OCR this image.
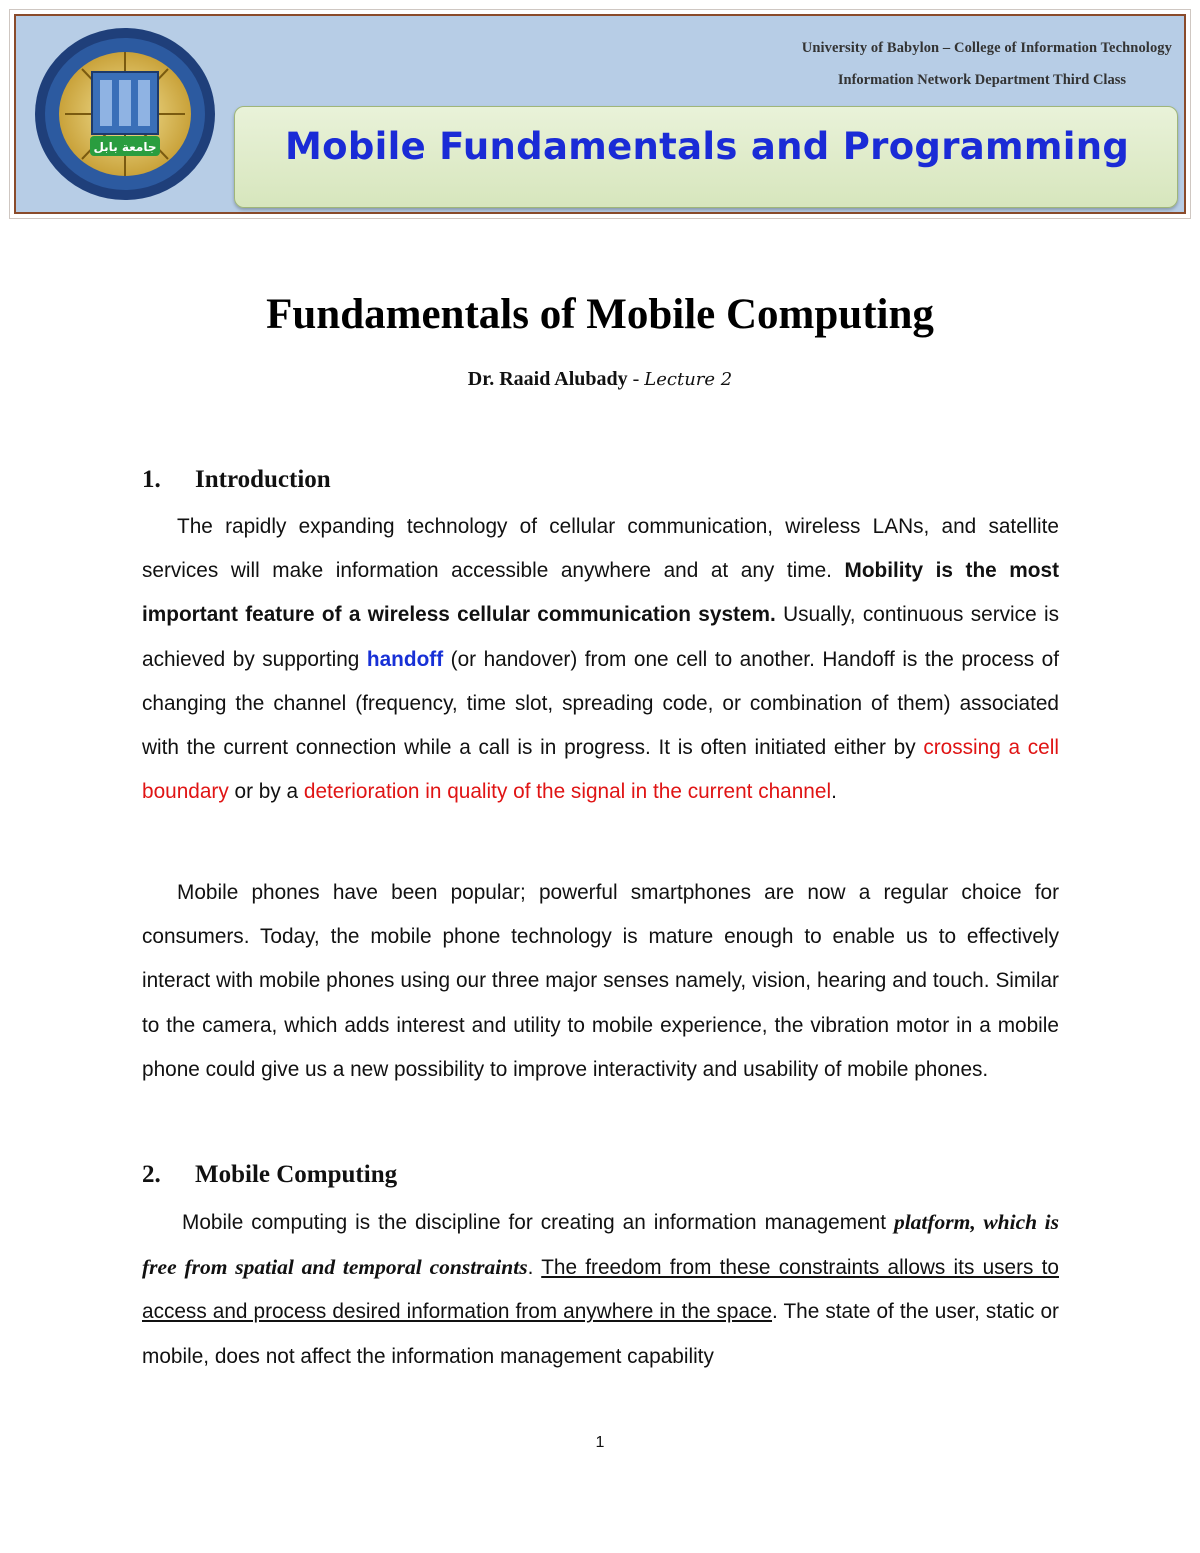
جامعة بابل
University of Babylon – College of Information Technology
Information Network Department Third Class
Mobile Fundamentals and Programming
Fundamentals of Mobile Computing
Dr. Raaid Alubady - Lecture 2
1. Introduction

The rapidly expanding technology of cellular communication, wireless LANs, and satellite services will make information accessible anywhere and at any time. Mobility is the most important feature of a wireless cellular communication system. Usually, continuous service is achieved by supporting handoff (or handover) from one cell to another. Handoff is the process of changing the channel (frequency, time slot, spreading code, or combination of them) associated with the current connection while a call is in progress. It is often initiated either by crossing a cell boundary or by a deterioration in quality of the signal in the current channel.

Mobile phones have been popular; powerful smartphones are now a regular choice for consumers. Today, the mobile phone technology is mature enough to enable us to effectively interact with mobile phones using our three major senses namely, vision, hearing and touch. Similar to the camera, which adds interest and utility to mobile experience, the vibration motor in a mobile phone could give us a new possibility to improve interactivity and usability of mobile phones.

2. Mobile Computing

Mobile computing is the discipline for creating an information management platform, which is free from spatial and temporal constraints. The freedom from these constraints allows its users to access and process desired information from anywhere in the space. The state of the user, static or mobile, does not affect the information management capability

1
